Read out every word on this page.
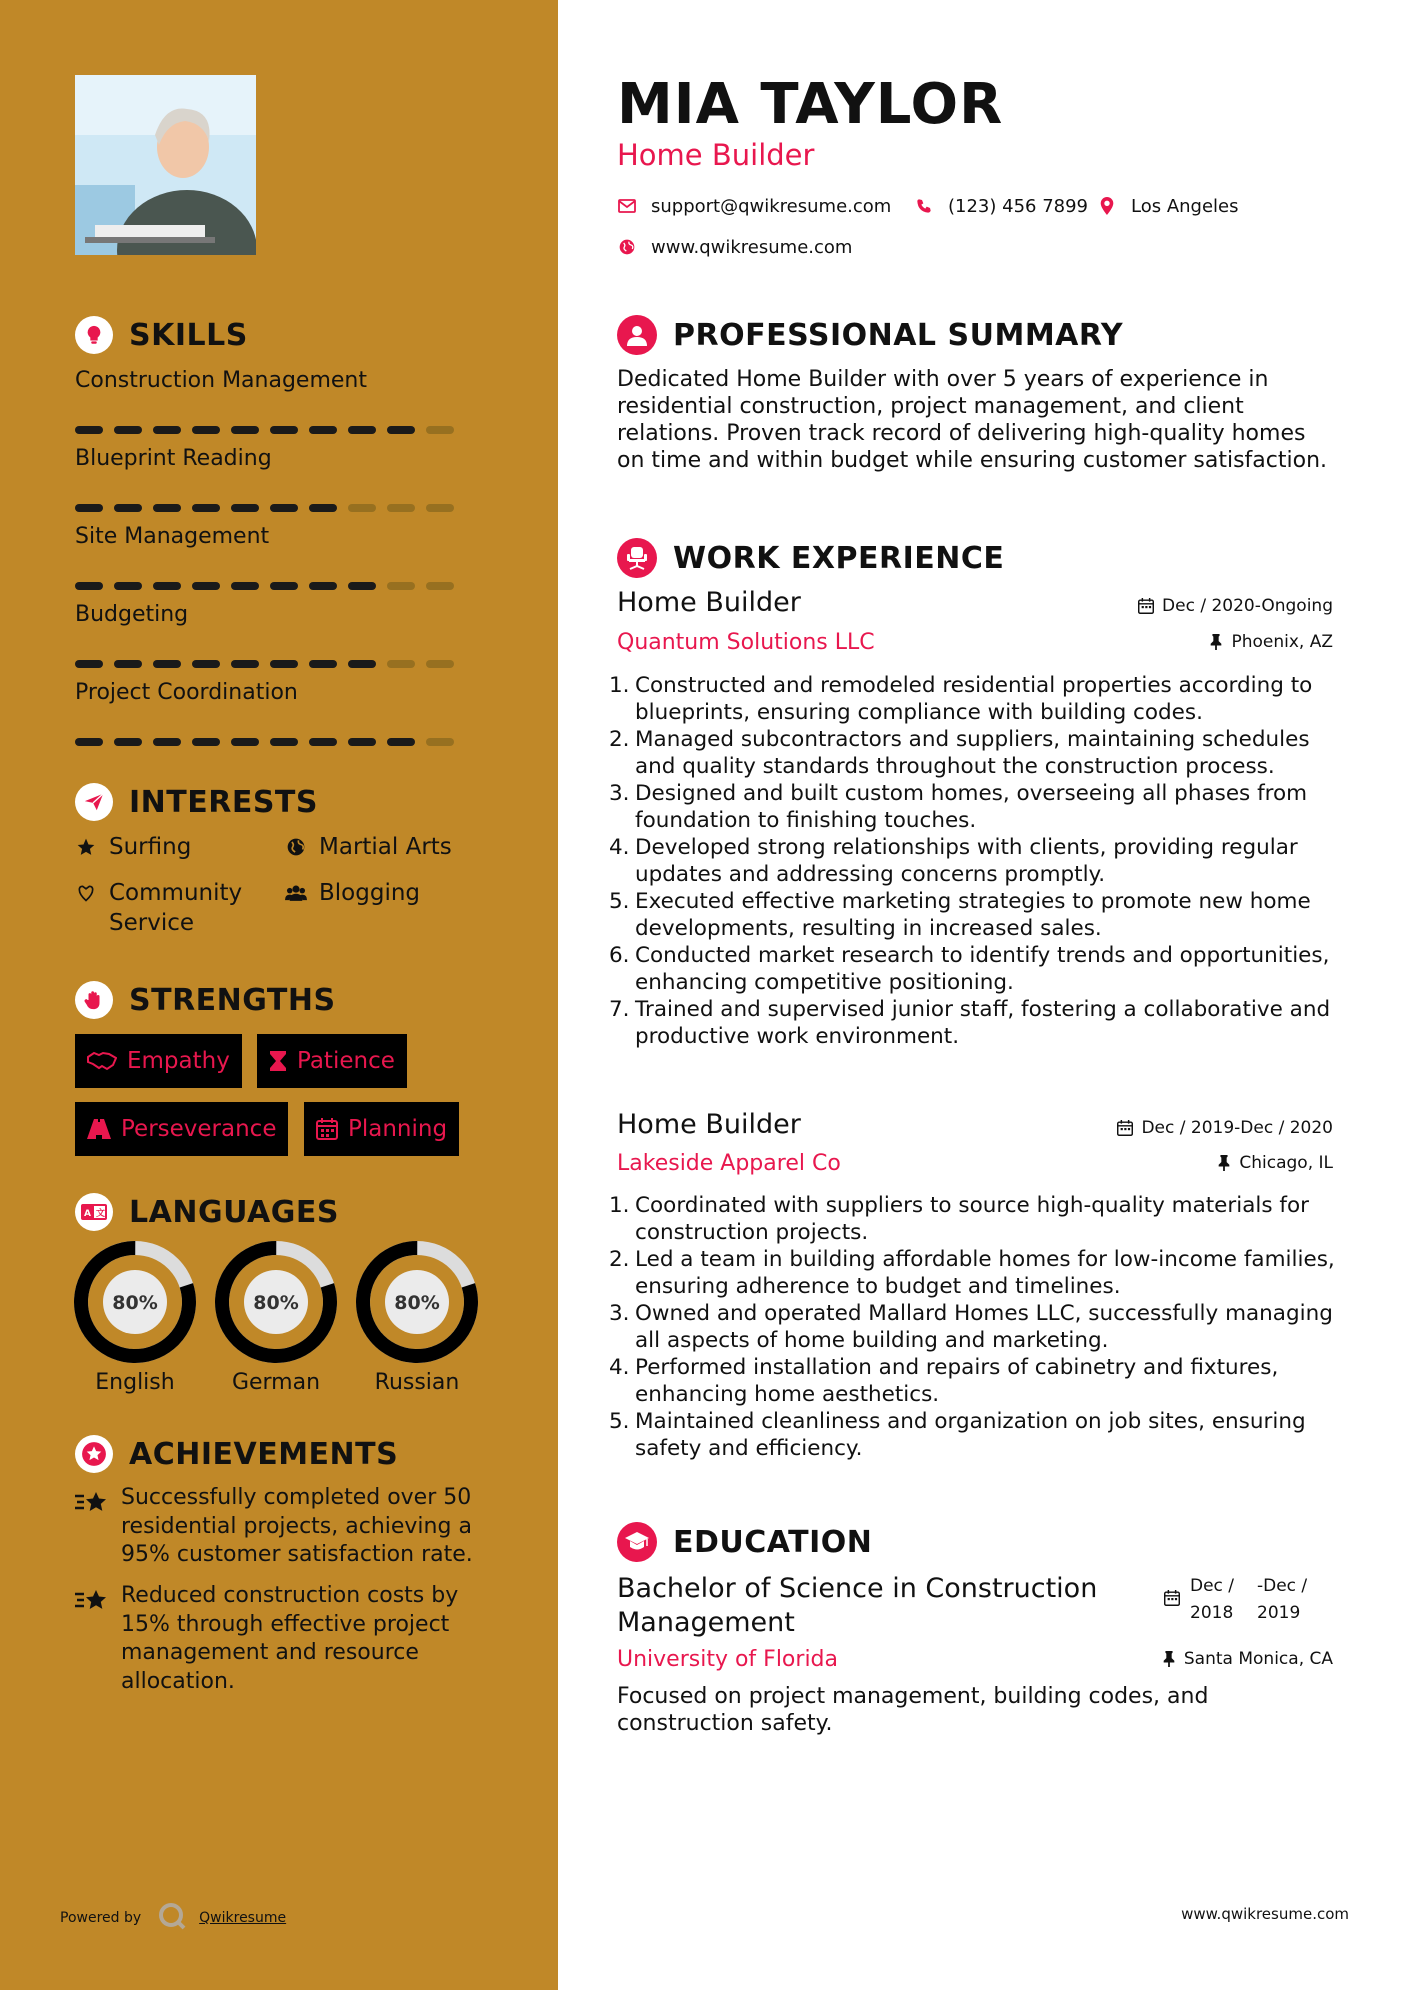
SKILLS
Construction Management
Blueprint Reading
Site Management
Budgeting
Project Coordination
INTERESTS
Surfing	Martial Arts
Community Service
Blogging
STRENGTHS
Empathy	Patience
Perseverance	Planning
A 文 LANGUAGES
80%
English
80%
German
80%
Russian
ACHIEVEMENTS
Successfully completed over 50 residential projects, achieving a 95% customer satisfaction rate.
Reduced construction costs by 15% through effective project management and resource allocation.
Powered by	Qwikresume
MIA TAYLOR
Home Builder
support@qwikresume.com	(123) 456 7899 Los Angeles
www.qwikresume.com
PROFESSIONAL SUMMARY
Dedicated Home Builder with over 5 years of experience in residential construction, project management, and client relations. Proven track record of delivering high-quality homes on time and within budget while ensuring customer satisfaction.
WORK EXPERIENCE
Home Builder	Dec / 2020-Ongoing
Quantum Solutions LLC	Phoenix, AZ
1. Constructed and remodeled residential properties according to blueprints, ensuring compliance with building codes.
2. Managed subcontractors and suppliers, maintaining schedules and quality standards throughout the construction process.
3. Designed and built custom homes, overseeing all phases from foundation to finishing touches.
4. Developed strong relationships with clients, providing regular updates and addressing concerns promptly.
5. Executed effective marketing strategies to promote new home developments, resulting in increased sales.
6. Conducted market research to identify trends and opportunities, enhancing competitive positioning.
7. Trained and supervised junior staff, fostering a collaborative and productive work environment.
Home Builder	Dec / 2019-Dec / 2020
Lakeside Apparel Co	Chicago, IL
1. Coordinated with suppliers to source high-quality materials for construction projects.
2. Led a team in building affordable homes for low-income families, ensuring adherence to budget and timelines.
3. Owned and operated Mallard Homes LLC, successfully managing all aspects of home building and marketing.
4. Performed installation and repairs of cabinetry and fixtures, enhancing home aesthetics.
5. Maintained cleanliness and organization on job sites, ensuring safety and efficiency.
EDUCATION
Bachelor of Science in Construction Management
Dec / 2018
-Dec / 2019
University of Florida	Santa Monica, CA
Focused on project management, building codes, and construction safety.
www.qwikresume.com
